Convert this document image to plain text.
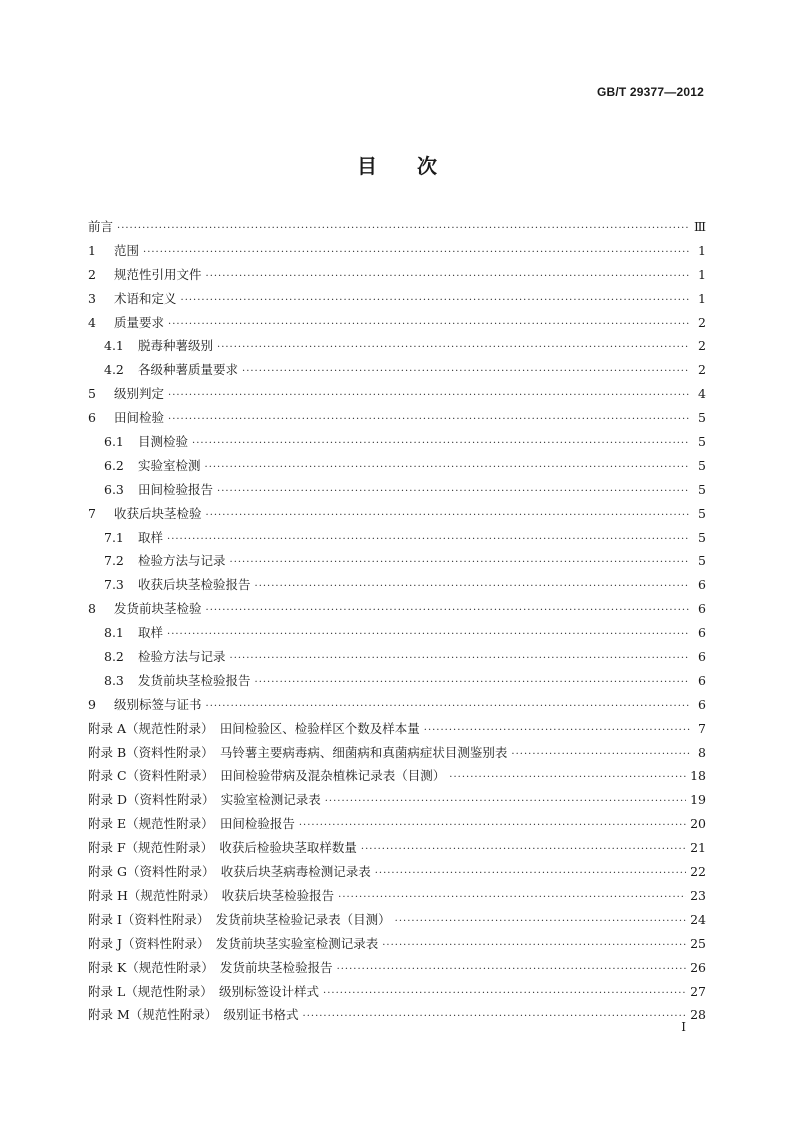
GB/T 29377—2012
目　　次
前言 ·····	Ⅲ
1 范围 ·····	1
2 规范性引用文件 ·····	1
3 术语和定义 ·····	1
4 质量要求 ·····	2
4.1 脱毒种薯级别 ·····	2
4.2 各级种薯质量要求 ·····	2
5 级别判定 ·····	4
6 田间检验 ·····	5
6.1 目测检验 ·····	5
6.2 实验室检测 ·····	5
6.3 田间检验报告 ·····	5
7 收获后块茎检验 ·····	5
7.1 取样 ·····	5
7.2 检验方法与记录 ·····	5
7.3 收获后块茎检验报告 ·····	6
8 发货前块茎检验 ·····	6
8.1 取样 ·····	6
8.2 检验方法与记录 ·····	6
8.3 发货前块茎检验报告 ·····	6
9 级别标签与证书 ·····	6
附录 A（规范性附录）　田间检验区、检验样区个数及样本量 ·····	7
附录 B（资料性附录）　马铃薯主要病毒病、细菌病和真菌病症状目测鉴别表 ·····	8
附录 C（资料性附录）　田间检验带病及混杂植株记录表（目测） ·····	18
附录 D（资料性附录）　实验室检测记录表 ·····	19
附录 E（规范性附录）　田间检验报告 ·····	20
附录 F（规范性附录）　收获后检验块茎取样数量 ·····	21
附录 G（资料性附录）　收获后块茎病毒检测记录表 ·····	22
附录 H（规范性附录）　收获后块茎检验报告 ·····	23
附录 I（资料性附录）　发货前块茎检验记录表（目测） ·····	24
附录 J（资料性附录）　发货前块茎实验室检测记录表 ·····	25
附录 K（规范性附录）　发货前块茎检验报告 ·····	26
附录 L（规范性附录）　级别标签设计样式 ·····	27
附录 M（规范性附录）　级别证书格式 ·····	28
I
